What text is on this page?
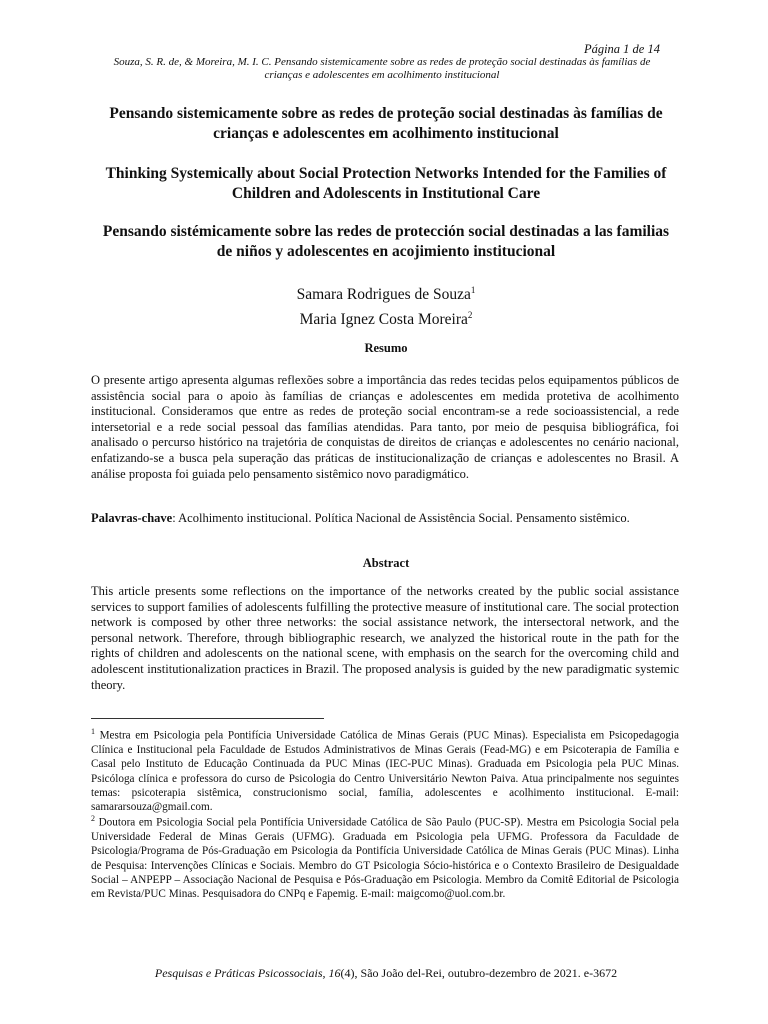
Página 1 de 14
Souza, S. R. de, & Moreira, M. I. C. Pensando sistemicamente sobre as redes de proteção social destinadas às famílias de crianças e adolescentes em acolhimento institucional
Pensando sistemicamente sobre as redes de proteção social destinadas às famílias de crianças e adolescentes em acolhimento institucional
Thinking Systemically about Social Protection Networks Intended for the Families of Children and Adolescents in Institutional Care
Pensando sistémicamente sobre las redes de protección social destinadas a las familias de niños y adolescentes en acojimiento institucional
Samara Rodrigues de Souza$^1$
Maria Ignez Costa Moreira$^2$
Resumo
O presente artigo apresenta algumas reflexões sobre a importância das redes tecidas pelos equipamentos públicos de assistência social para o apoio às famílias de crianças e adolescentes em medida protetiva de acolhimento institucional. Consideramos que entre as redes de proteção social encontram-se a rede socioassistencial, a rede intersetorial e a rede social pessoal das famílias atendidas. Para tanto, por meio de pesquisa bibliográfica, foi analisado o percurso histórico na trajetória de conquistas de direitos de crianças e adolescentes no cenário nacional, enfatizando-se a busca pela superação das práticas de institucionalização de crianças e adolescentes no Brasil. A análise proposta foi guiada pelo pensamento sistêmico novo paradigmático.
Palavras-chave: Acolhimento institucional. Política Nacional de Assistência Social. Pensamento sistêmico.
Abstract
This article presents some reflections on the importance of the networks created by the public social assistance services to support families of adolescents fulfilling the protective measure of institutional care. The social protection network is composed by other three networks: the social assistance network, the intersectoral network, and the personal network. Therefore, through bibliographic research, we analyzed the historical route in the path for the rights of children and adolescents on the national scene, with emphasis on the search for the overcoming child and adolescent institutionalization practices in Brazil. The proposed analysis is guided by the new paradigmatic systemic theory.
$^1$ Mestra em Psicologia pela Pontifícia Universidade Católica de Minas Gerais (PUC Minas). Especialista em Psicopedagogia Clínica e Institucional pela Faculdade de Estudos Administrativos de Minas Gerais (Fead-MG) e em Psicoterapia de Família e Casal pelo Instituto de Educação Continuada da PUC Minas (IEC-PUC Minas). Graduada em Psicologia pela PUC Minas. Psicóloga clínica e professora do curso de Psicologia do Centro Universitário Newton Paiva. Atua principalmente nos seguintes temas: psicoterapia sistêmica, construcionismo social, família, adolescentes e acolhimento institucional. E-mail: samararsouza@gmail.com.
$^2$ Doutora em Psicologia Social pela Pontifícia Universidade Católica de São Paulo (PUC-SP). Mestra em Psicologia Social pela Universidade Federal de Minas Gerais (UFMG). Graduada em Psicologia pela UFMG. Professora da Faculdade de Psicologia/Programa de Pós-Graduação em Psicologia da Pontifícia Universidade Católica de Minas Gerais (PUC Minas). Linha de Pesquisa: Intervenções Clínicas e Sociais. Membro do GT Psicologia Sócio-histórica e o Contexto Brasileiro de Desigualdade Social – ANPEPP – Associação Nacional de Pesquisa e Pós-Graduação em Psicologia. Membro da Comitê Editorial de Psicologia em Revista/PUC Minas. Pesquisadora do CNPq e Fapemig. E-mail: maigcomo@uol.com.br.
Pesquisas e Práticas Psicossociais, 16(4), São João del-Rei, outubro-dezembro de 2021. e-3672
